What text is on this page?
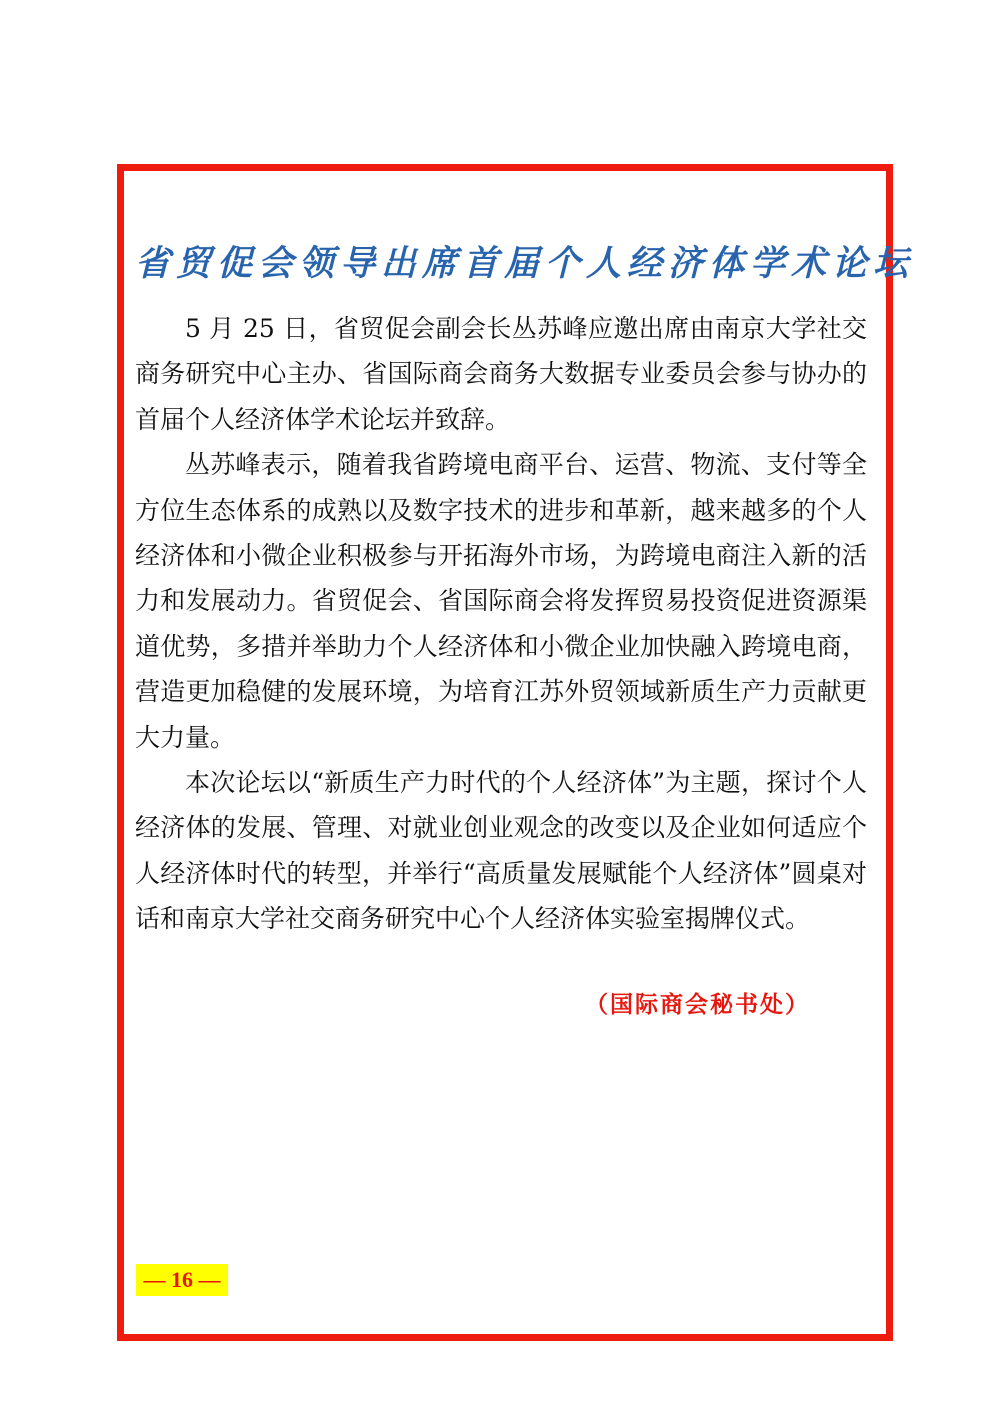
省贸促会领导出席首届个人经济体学术论坛

5 月 25 日，省贸促会副会长丛苏峰应邀出席由南京大学社交商务研究中心主办、省国际商会商务大数据专业委员会参与协办的首届个人经济体学术论坛并致辞。

丛苏峰表示，随着我省跨境电商平台、运营、物流、支付等全方位生态体系的成熟以及数字技术的进步和革新，越来越多的个人经济体和小微企业积极参与开拓海外市场，为跨境电商注入新的活力和发展动力。省贸促会、省国际商会将发挥贸易投资促进资源渠道优势，多措并举助力个人经济体和小微企业加快融入跨境电商，营造更加稳健的发展环境，为培育江苏外贸领域新质生产力贡献更大力量。

本次论坛以“新质生产力时代的个人经济体”为主题，探讨个人经济体的发展、管理、对就业创业观念的改变以及企业如何适应个人经济体时代的转型，并举行“高质量发展赋能个人经济体”圆桌对话和南京大学社交商务研究中心个人经济体实验室揭牌仪式。

（国际商会秘书处）
— 16 —
